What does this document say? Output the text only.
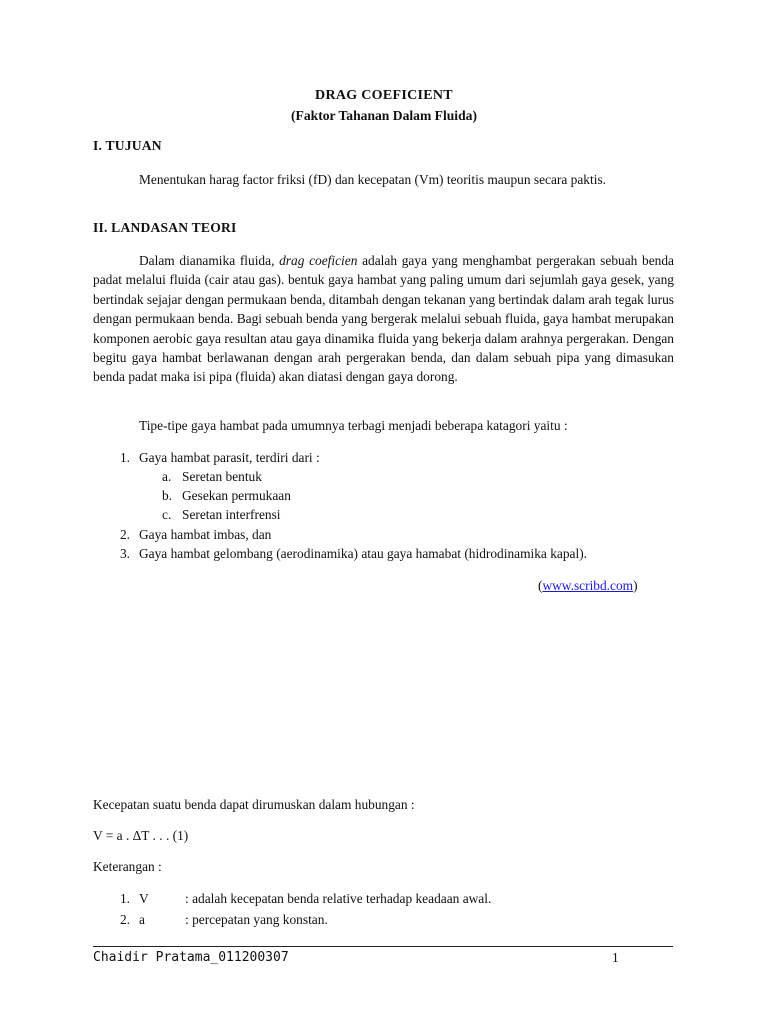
DRAG COEFICIENT
(Faktor Tahanan Dalam Fluida)
I. TUJUAN

Menentukan harag factor friksi (fD) dan kecepatan (Vm) teoritis maupun secara paktis.

II. LANDASAN TEORI

Dalam dianamika fluida, drag coeficien adalah gaya yang menghambat pergerakan sebuah benda padat melalui fluida (cair atau gas). bentuk gaya hambat yang paling umum dari sejumlah gaya gesek, yang bertindak sejajar dengan permukaan benda, ditambah dengan tekanan yang bertindak dalam arah tegak lurus dengan permukaan benda. Bagi sebuah benda yang bergerak melalui sebuah fluida, gaya hambat merupakan komponen aerobic gaya resultan atau gaya dinamika fluida yang bekerja dalam arahnya pergerakan. Dengan begitu gaya hambat berlawanan dengan arah pergerakan benda, dan dalam sebuah pipa yang dimasukan benda padat maka isi pipa (fluida) akan diatasi dengan gaya dorong.

Tipe-tipe gaya hambat pada umumnya terbagi menjadi beberapa katagori yaitu :
1. Gaya hambat parasit, terdiri dari :
a. Seretan bentuk
b. Gesekan permukaan
c. Seretan interfrensi
2. Gaya hambat imbas, dan
3. Gaya hambat gelombang (aerodinamika) atau gaya hamabat (hidrodinamika kapal).
(www.scribd.com)
Kecepatan suatu benda dapat dirumuskan dalam hubungan :
V = a . ΔT . . . (1)
Keterangan :
1. V	: adalah kecepatan benda relative terhadap keadaan awal.
2. a	: percepatan yang konstan.
Chaidir Pratama_011200307	1
